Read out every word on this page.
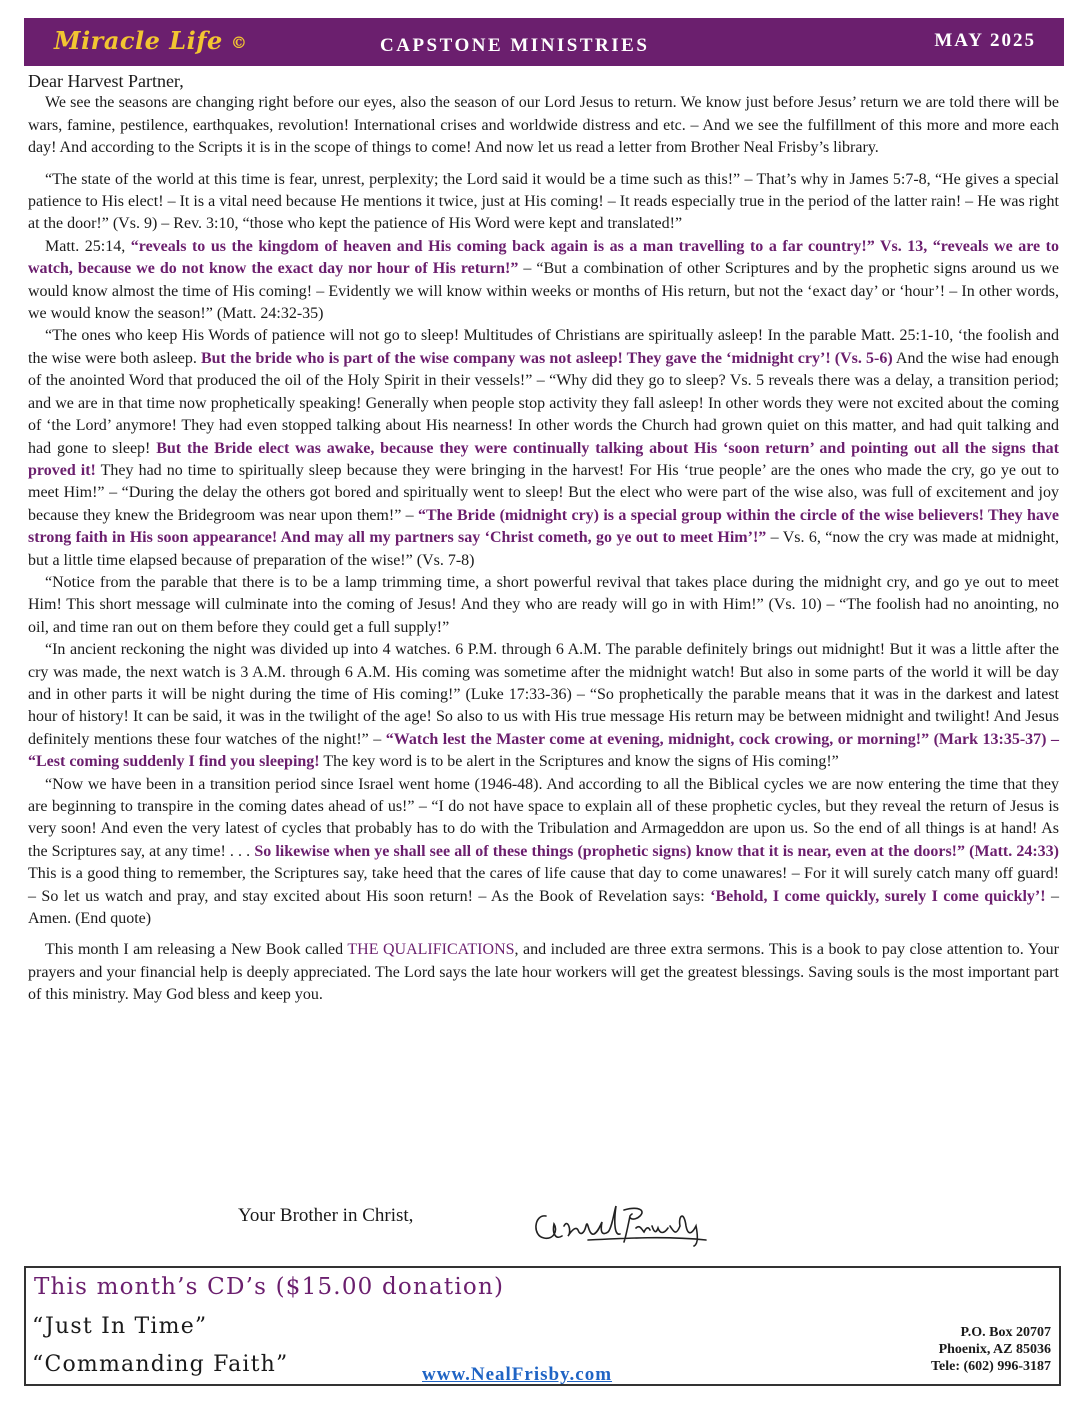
Miracle Life ©	CAPSTONE MINISTRIES	MAY 2025

Dear Harvest Partner,

We see the seasons are changing right before our eyes, also the season of our Lord Jesus to return. We know just before Jesus’ return we are told there will be wars, famine, pestilence, earthquakes, revolution! International crises and worldwide distress and etc. – And we see the fulfillment of this more and more each day! And according to the Scripts it is in the scope of things to come! And now let us read a letter from Brother Neal Frisby’s library.

“The state of the world at this time is fear, unrest, perplexity; the Lord said it would be a time such as this!” – That’s why in James 5:7-8, “He gives a special patience to His elect! – It is a vital need because He mentions it twice, just at His coming! – It reads especially true in the period of the latter rain! – He was right at the door!” (Vs. 9) – Rev. 3:10, “those who kept the patience of His Word were kept and translated!”

Matt. 25:14, “reveals to us the kingdom of heaven and His coming back again is as a man travelling to a far country!” Vs. 13, “reveals we are to watch, because we do not know the exact day nor hour of His return!” – “But a combination of other Scriptures and by the prophetic signs around us we would know almost the time of His coming! – Evidently we will know within weeks or months of His return, but not the ‘exact day’ or ‘hour’! – In other words, we would know the season!” (Matt. 24:32-35)

“The ones who keep His Words of patience will not go to sleep! Multitudes of Christians are spiritually asleep! In the parable Matt. 25:1-10, ‘the foolish and the wise were both asleep. But the bride who is part of the wise company was not asleep! They gave the ‘midnight cry’! (Vs. 5-6) And the wise had enough of the anointed Word that produced the oil of the Holy Spirit in their vessels!” – “Why did they go to sleep? Vs. 5 reveals there was a delay, a transition period; and we are in that time now prophetically speaking! Generally when people stop activity they fall asleep! In other words they were not excited about the coming of ‘the Lord’ anymore! They had even stopped talking about His nearness! In other words the Church had grown quiet on this matter, and had quit talking and had gone to sleep! But the Bride elect was awake, because they were continually talking about His ‘soon return’ and pointing out all the signs that proved it! They had no time to spiritually sleep because they were bringing in the harvest! For His ‘true people’ are the ones who made the cry, go ye out to meet Him!” – “During the delay the others got bored and spiritually went to sleep! But the elect who were part of the wise also, was full of excitement and joy because they knew the Bridegroom was near upon them!” – “The Bride (midnight cry) is a special group within the circle of the wise believers! They have strong faith in His soon appearance! And may all my partners say ‘Christ cometh, go ye out to meet Him’!” – Vs. 6, “now the cry was made at midnight, but a little time elapsed because of preparation of the wise!” (Vs. 7-8)

“Notice from the parable that there is to be a lamp trimming time, a short powerful revival that takes place during the midnight cry, and go ye out to meet Him! This short message will culminate into the coming of Jesus! And they who are ready will go in with Him!” (Vs. 10) – “The foolish had no anointing, no oil, and time ran out on them before they could get a full supply!”

“In ancient reckoning the night was divided up into 4 watches. 6 P.M. through 6 A.M. The parable definitely brings out midnight! But it was a little after the cry was made, the next watch is 3 A.M. through 6 A.M. His coming was sometime after the midnight watch! But also in some parts of the world it will be day and in other parts it will be night during the time of His coming!” (Luke 17:33-36) – “So prophetically the parable means that it was in the darkest and latest hour of history! It can be said, it was in the twilight of the age! So also to us with His true message His return may be between midnight and twilight! And Jesus definitely mentions these four watches of the night!” – “Watch lest the Master come at evening, midnight, cock crowing, or morning!” (Mark 13:35-37) – “Lest coming suddenly I find you sleeping! The key word is to be alert in the Scriptures and know the signs of His coming!”

“Now we have been in a transition period since Israel went home (1946-48). And according to all the Biblical cycles we are now entering the time that they are beginning to transpire in the coming dates ahead of us!” – “I do not have space to explain all of these prophetic cycles, but they reveal the return of Jesus is very soon! And even the very latest of cycles that probably has to do with the Tribulation and Armageddon are upon us. So the end of all things is at hand! As the Scriptures say, at any time! . . . So likewise when ye shall see all of these things (prophetic signs) know that it is near, even at the doors!” (Matt. 24:33) This is a good thing to remember, the Scriptures say, take heed that the cares of life cause that day to come unawares! – For it will surely catch many off guard! – So let us watch and pray, and stay excited about His soon return! – As the Book of Revelation says: ‘Behold, I come quickly, surely I come quickly’! – Amen. (End quote)

This month I am releasing a New Book called THE QUALIFICATIONS, and included are three extra sermons. This is a book to pay close attention to. Your prayers and your financial help is deeply appreciated. The Lord says the late hour workers will get the greatest blessings. Saving souls is the most important part of this ministry. May God bless and keep you.

Your Brother in Christ,
This month’s CD’s ($15.00 donation)
“Just In Time”
“Commanding Faith”	www.NealFrisby.com
P.O. Box 20707
Phoenix, AZ 85036
Tele: (602) 996-3187
